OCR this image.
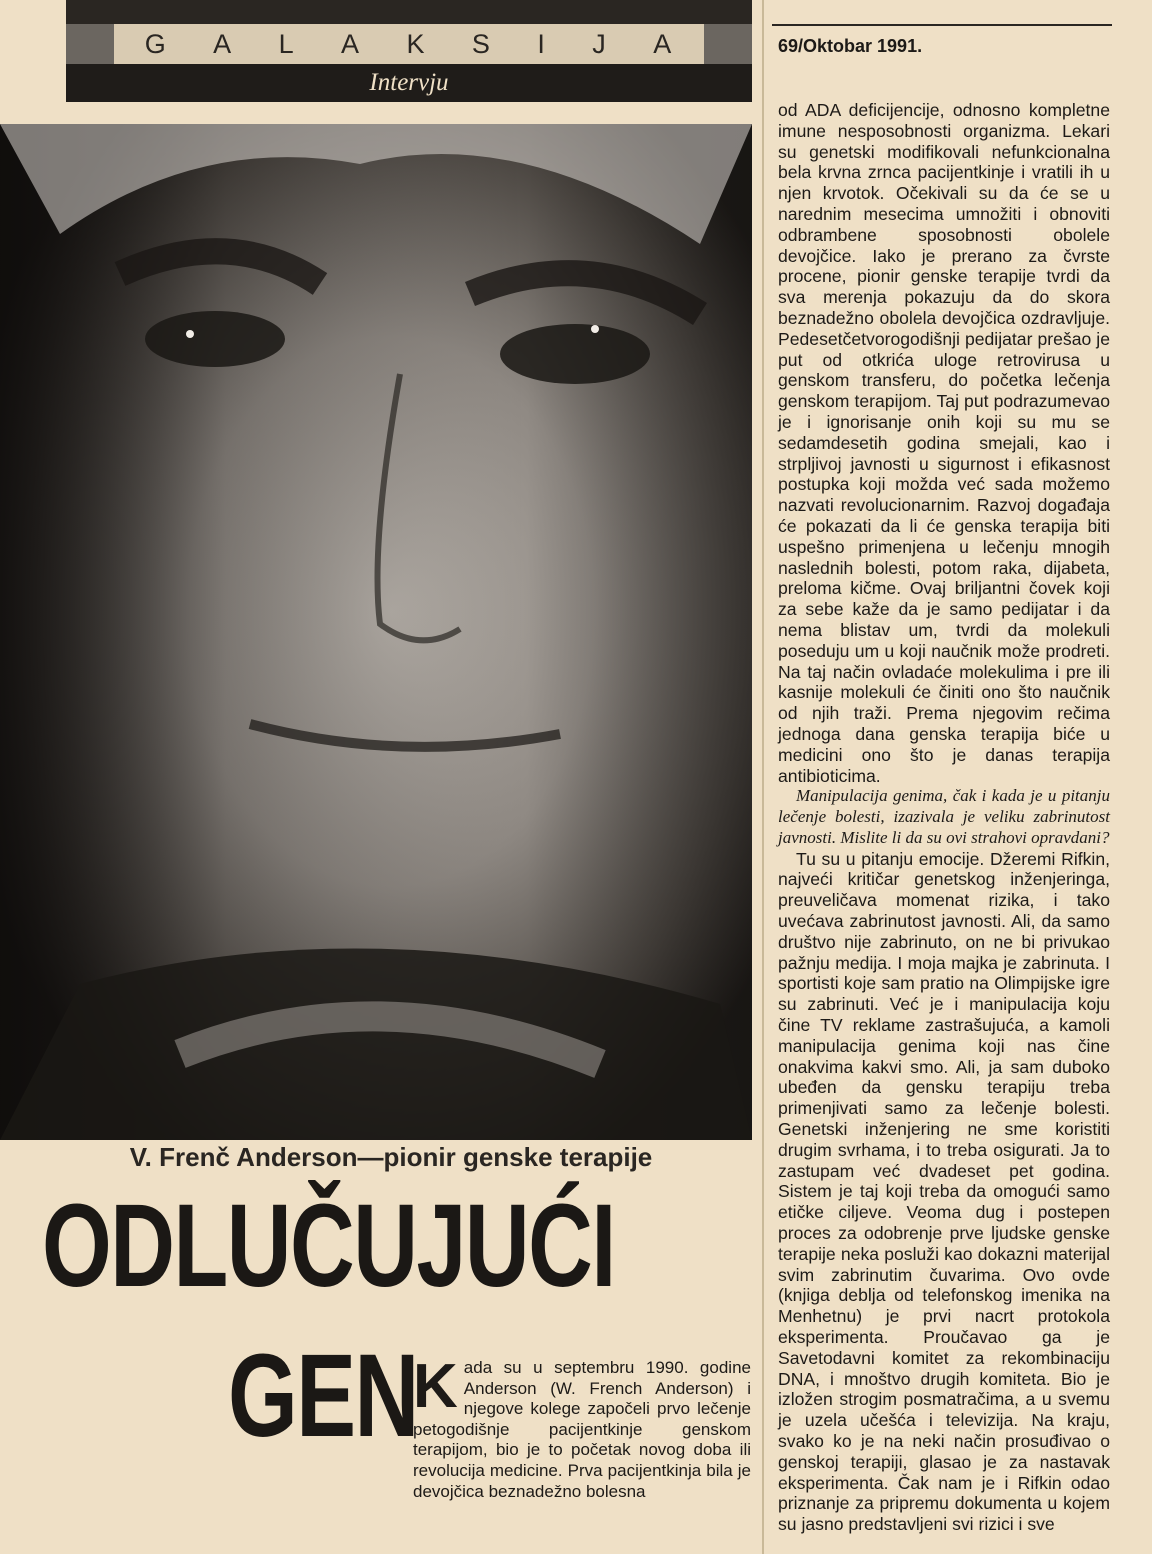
G A L A K S I J A
Intervju
69/Oktobar 1991.
V. Frenč Anderson—pionir genske terapije
ODLUČUJUĆI
GEN
Kada su u septembru 1990. godine Anderson (W. French Anderson) i njegove kolege započeli prvo lečenje petogodišnje pacijentkinje genskom terapijom, bio je to početak novog doba ili revolucija medicine. Prva pacijentkinja bila je devojčica beznadežno bolesna

od ADA deficijencije, odnosno kompletne imune nesposobnosti organizma. Lekari su genetski modifikovali nefunkcionalna bela krvna zrnca pacijentkinje i vratili ih u njen krvotok. Očekivali su da će se u narednim mesecima umnožiti i obnoviti odbrambene sposobnosti obolele devojčice. Iako je prerano za čvrste procene, pionir genske terapije tvrdi da sva merenja pokazuju da do skora beznadežno obolela devojčica ozdravljuje. Pedesetčetvorogodišnji pedijatar prešao je put od otkrića uloge retrovirusa u genskom transferu, do početka lečenja genskom terapijom. Taj put podrazumevao je i ignorisanje onih koji su mu se sedamdesetih godina smejali, kao i strpljivoj javnosti u sigurnost i efikasnost postupka koji možda već sada možemo nazvati revolucionarnim. Razvoj događaja će pokazati da li će genska terapija biti uspešno primenjena u lečenju mnogih naslednih bolesti, potom raka, dijabeta, preloma kičme. Ovaj briljantni čovek koji za sebe kaže da je samo pedijatar i da nema blistav um, tvrdi da molekuli poseduju um u koji naučnik može prodreti. Na taj način ovladaće molekulima i pre ili kasnije molekuli će činiti ono što naučnik od njih traži. Prema njegovim rečima jednoga dana genska terapija biće u medicini ono što je danas terapija antibioticima.

Manipulacija genima, čak i kada je u pitanju lečenje bolesti, izazivala je veliku zabrinutost javnosti. Mislite li da su ovi strahovi opravdani?

Tu su u pitanju emocije. Džeremi Rifkin, najveći kritičar genetskog inženjeringa, preuveličava momenat rizika, i tako uvećava zabrinutost javnosti. Ali, da samo društvo nije zabrinuto, on ne bi privukao pažnju medija. I moja majka je zabrinuta. I sportisti koje sam pratio na Olimpijske igre su zabrinuti. Već je i manipulacija koju čine TV reklame zastrašujuća, a kamoli manipulacija genima koji nas čine onakvima kakvi smo. Ali, ja sam duboko ubeđen da gensku terapiju treba primenjivati samo za lečenje bolesti. Genetski inženjering ne sme koristiti drugim svrhama, i to treba osigurati. Ja to zastupam već dvadeset pet godina. Sistem je taj koji treba da omogući samo etičke ciljeve. Veoma dug i postepen proces za odobrenje prve ljudske genske terapije neka posluži kao dokazni materijal svim zabrinutim čuvarima. Ovo ovde (knjiga deblja od telefonskog imenika na Menhetnu) je prvi nacrt protokola eksperimenta. Proučavao ga je Savetodavni komitet za rekombinaciju DNA, i mnoštvo drugih komiteta. Bio je izložen strogim posmatračima, a u svemu je uzela učešća i televizija. Na kraju, svako ko je na neki način prosuđivao o genskoj terapiji, glasao je za nastavak eksperimenta. Čak nam je i Rifkin odao priznanje za pripremu dokumenta u kojem su jasno predstavljeni svi rizici i sve
